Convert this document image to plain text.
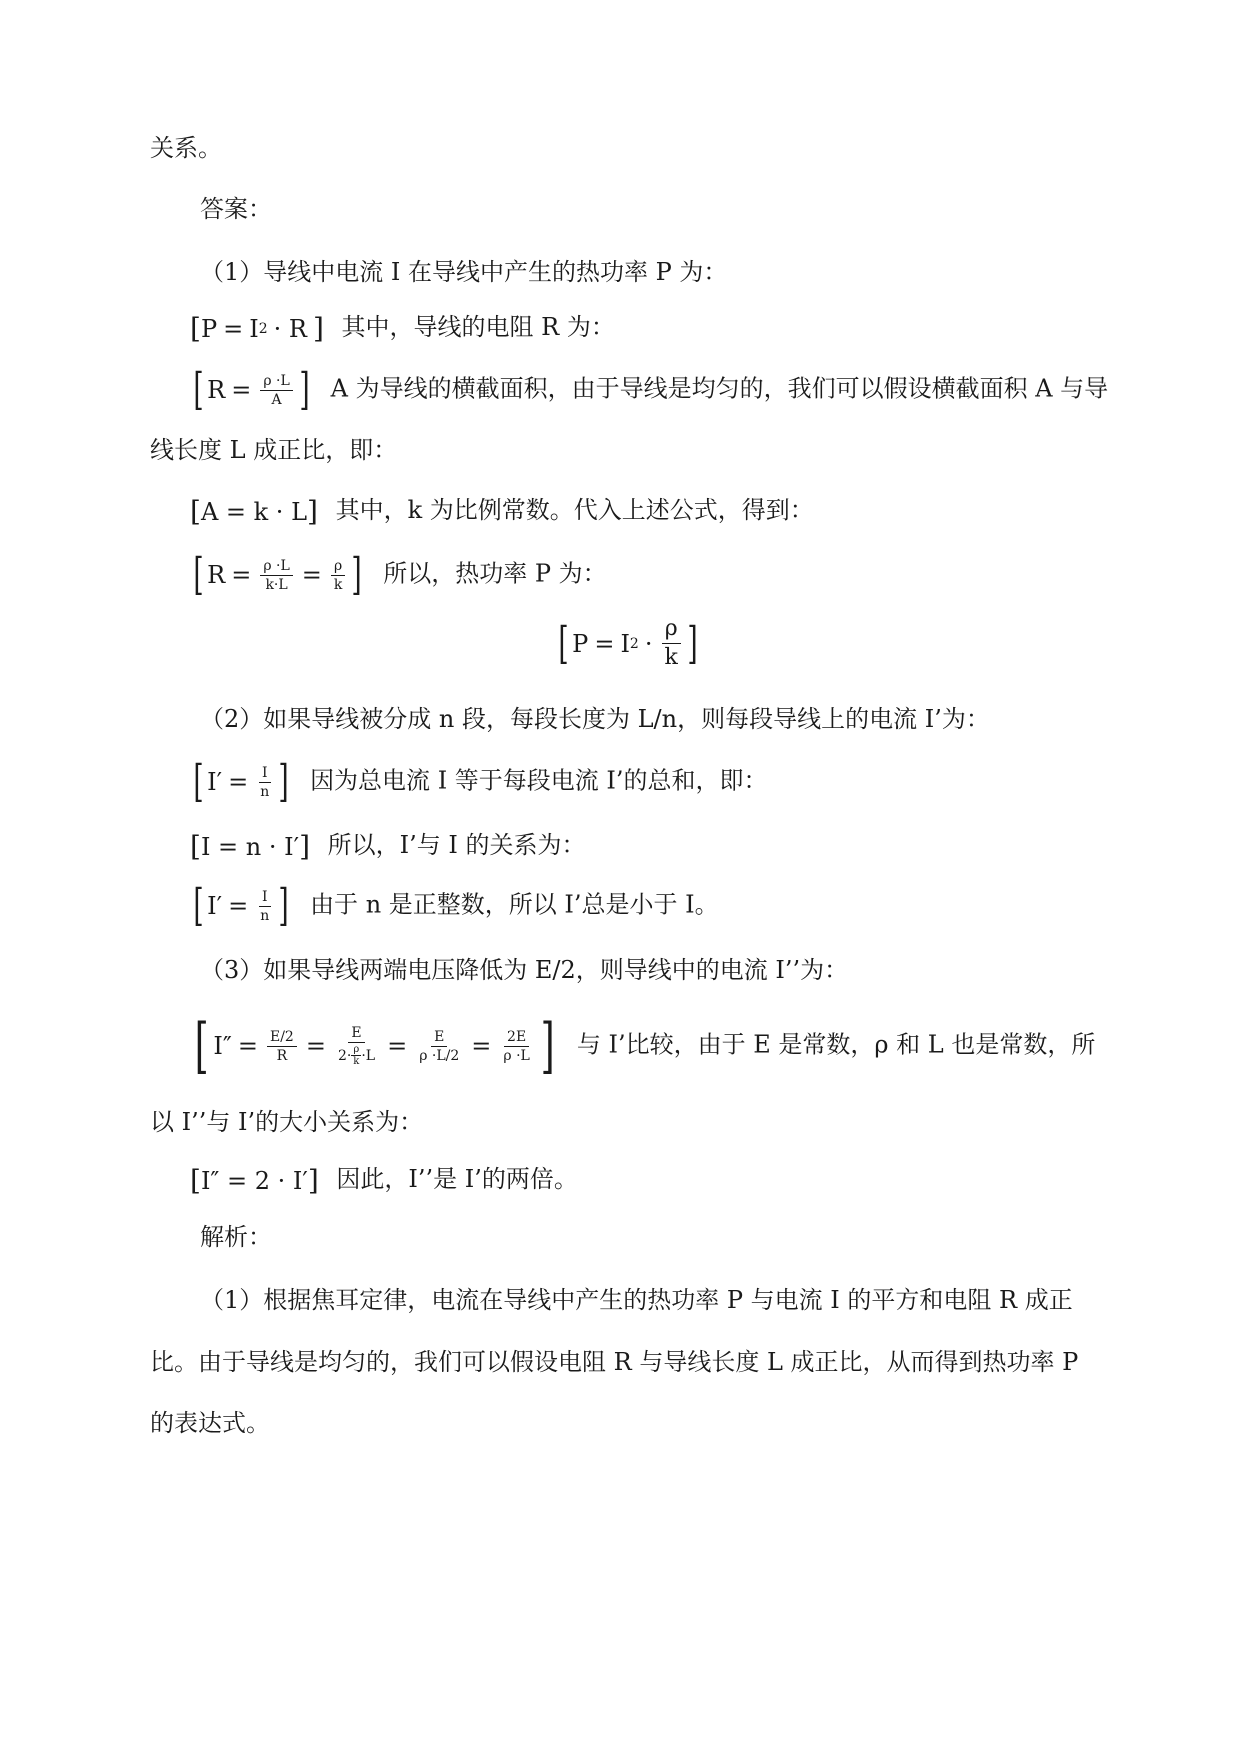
关系。
答案：
（1）导线中电流 I 在导线中产生的热功率 P 为：
[ P = I 2 · R ] 其中，导线的电阻 R 为：
[ $R = \frac{\rho \cdot L}{A}$ ] A 为导线的横截面积，由于导线是均匀的，我们可以假设横截面积 A 与导
线长度 L 成正比，即：
[ A = k · L ] 其中，k 为比例常数。代入上述公式，得到：
[ $R = \frac{\rho \cdot L}{k\cdot L} = \frac{\rho}{k}$ ] 所以，热功率 P 为：
[ P = I $2 \cdot \frac{\rho}{k}$ ]
（2）如果导线被分成 n 段，每段长度为 L/n，则每段导线上的电流 I’为：
[ $I' = \frac{I}{n}$ ] 因为总电流 I 等于每段电流 I’的总和，即：
[ I = n · I′ ] 所以，I’与 I 的关系为：
[ $I' = \frac{I}{n}$ ] 由于 n 是正整数，所以 I’总是小于 I。
（3）如果导线两端电压降低为 E/2，则导线中的电流 I’’为：
[ $I'' = \frac{E/2}{R} = E$
$2\cdot \frac{\rho}{k} \cdot L = \frac{E}{\rho \cdot L/2} = \frac{2E}{\rho \cdot L}$ ] 与 I’比较，由于 E 是常数，ρ 和 L 也是常数，所
以 I’’与 I’的大小关系为：
[ I″ = 2 · I′ ] 因此，I’’是 I’的两倍。
解析：
（1）根据焦耳定律，电流在导线中产生的热功率 P 与电流 I 的平方和电阻 R 成正
比。由于导线是均匀的，我们可以假设电阻 R 与导线长度 L 成正比，从而得到热功率 P
的表达式。
